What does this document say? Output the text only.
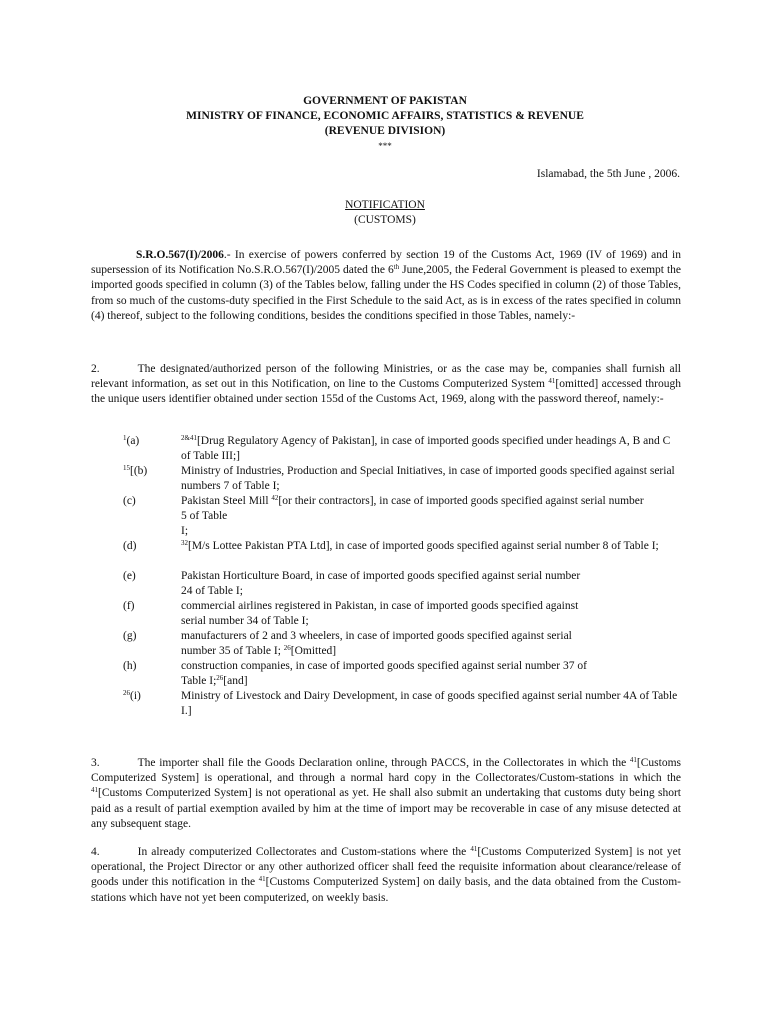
GOVERNMENT OF PAKISTAN
MINISTRY OF FINANCE, ECONOMIC AFFAIRS, STATISTICS & REVENUE
(REVENUE DIVISION)
***
Islamabad, the 5th June , 2006.
NOTIFICATION
(CUSTOMS)
S.R.O.567(I)/2006.- In exercise of powers conferred by section 19 of the Customs Act, 1969 (IV of 1969) and in supersession of its Notification No.S.R.O.567(I)/2005 dated the 6th June,2005, the Federal Government is pleased to exempt the imported goods specified in column (3) of the Tables below, falling under the HS Codes specified in column (2) of those Tables, from so much of the customs-duty specified in the First Schedule to the said Act, as is in excess of the rates specified in column (4) thereof, subject to the following conditions, besides the conditions specified in those Tables, namely:-
2.	The designated/authorized person of the following Ministries, or as the case may be, companies shall furnish all relevant information, as set out in this Notification, on line to the Customs Computerized System $^{41}$[omitted] accessed through the unique users identifier obtained under section 155d of the Customs Act, 1969, along with the password thereof, namely:-
$^1$(a)	$^{2\&41}$[Drug Regulatory Agency of Pakistan], in case of imported goods specified under headings A, B and C of Table III;]
$^{15}$[(b)	Ministry of Industries, Production and Special Initiatives, in case of imported goods specified against serial numbers 7 of Table I;
(c)	Pakistan Steel Mill $^{42}$[or their contractors], in case of imported goods specified against serial number 5 of Table
I;
(d)	$^{32}$[M/s Lottee Pakistan PTA Ltd], in case of imported goods specified against serial number 8 of Table I;
(e)	Pakistan Horticulture Board, in case of imported goods specified against serial number
24 of Table I;
(f)	commercial airlines registered in Pakistan, in case of imported goods specified against
serial number 34 of Table I;
(g)	manufacturers of 2 and 3 wheelers, in case of imported goods specified against serial
number 35 of Table I; $^{26}$[Omitted]
(h)	construction companies, in case of imported goods specified against serial number 37 of
Table I;$^{26}$[and]
$^{26}$(i)	Ministry of Livestock and Dairy Development, in case of goods specified against serial number 4A of Table I.]
3.	The importer shall file the Goods Declaration online, through PACCS, in the Collectorates in which the $^{41}$[Customs Computerized System] is operational, and through a normal hard copy in the Collectorates/Custom-stations in which the $^{41}$[Customs Computerized System] is not operational as yet. He shall also submit an undertaking that customs duty being short paid as a result of partial exemption availed by him at the time of import may be recoverable in case of any misuse detected at any subsequent stage.
4.	In already computerized Collectorates and Custom-stations where the $^{41}$[Customs Computerized System] is not yet operational, the Project Director or any other authorized officer shall feed the requisite information about clearance/release of goods under this notification in the $^{41}$[Customs Computerized System] on daily basis, and the data obtained from the Custom-stations which have not yet been computerized, on weekly basis.
